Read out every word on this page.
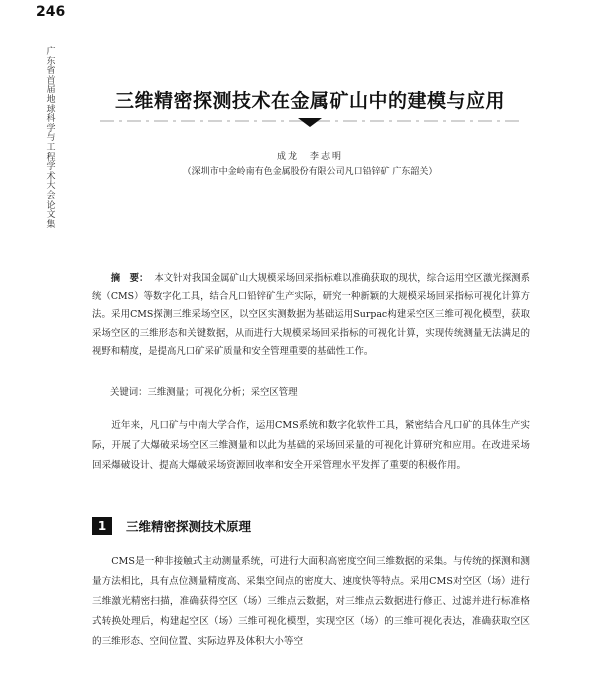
246
广东省首届地球科学与工程学术大会论文集
三维精密探测技术在金属矿山中的建模与应用
成龙　李志明
（深圳市中金岭南有色金属股份有限公司凡口铅锌矿 广东韶关）

摘　要： 本文针对我国金属矿山大规模采场回采指标难以准确获取的现状，综合运用空区激光探测系统（CMS）等数字化工具，结合凡口铅锌矿生产实际，研究一种新颖的大规模采场回采指标可视化计算方法。采用CMS探测三维采场空区，以空区实测数据为基础运用Surpac构建采空区三维可视化模型，获取采场空区的三维形态和关键数据，从而进行大规模采场回采指标的可视化计算，实现传统测量无法满足的视野和精度，是提高凡口矿采矿质量和安全管理重要的基础性工作。

关键词：三维测量；可视化分析；采空区管理

近年来，凡口矿与中南大学合作，运用CMS系统和数字化软件工具，紧密结合凡口矿的具体生产实际，开展了大爆破采场空区三维测量和以此为基础的采场回采量的可视化计算研究和应用。在改进采场回采爆破设计、提高大爆破采场资源回收率和安全开采管理水平发挥了重要的积极作用。

1	三维精密探测技术原理

CMS是一种非接触式主动测量系统，可进行大面积高密度空间三维数据的采集。与传统的探测和测量方法相比，具有点位测量精度高、采集空间点的密度大、速度快等特点。采用CMS对空区（场）进行三维激光精密扫描，准确获得空区（场）三维点云数据，对三维点云数据进行修正、过滤并进行标准格式转换处理后，构建起空区（场）三维可视化模型，实现空区（场）的三维可视化表达，准确获取空区的三维形态、空间位置、实际边界及体积大小等空
